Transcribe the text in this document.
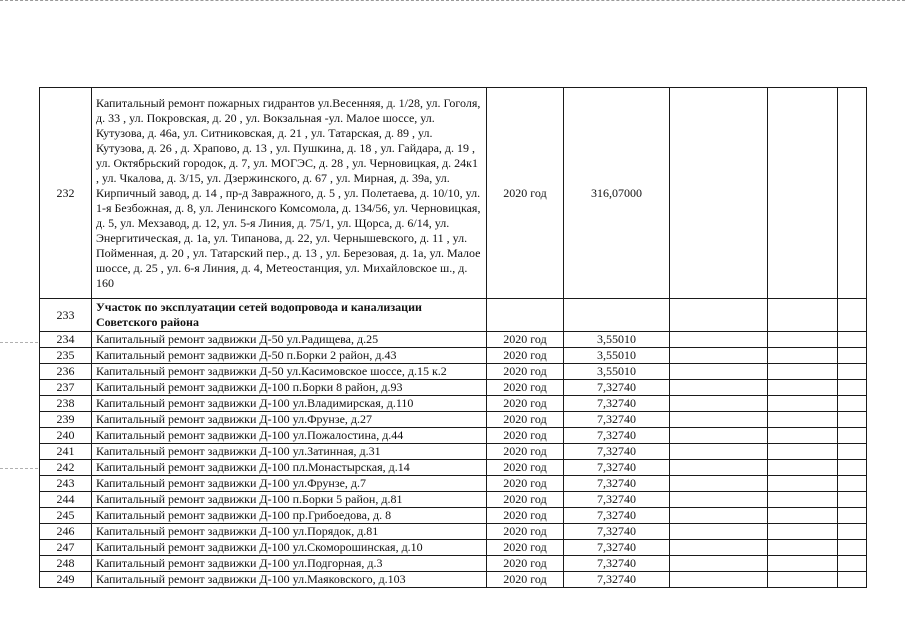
232	Капитальный ремонт пожарных гидрантов ул.Весенняя, д. 1/28, ул. Гоголя, д. 33 , ул. Покровская, д. 20 , ул. Вокзальная -ул. Малое шоссе, ул. Кутузова, д. 46а, ул. Ситниковская, д. 21 , ул. Татарская, д. 89 , ул. Кутузова, д. 26 , д. Храпово, д. 13 , ул. Пушкина, д. 18 , ул. Гайдара, д. 19 , ул. Октябрьский городок, д. 7, ул. МОГЭС, д. 28 , ул. Черновицкая, д. 24к1 , ул. Чкалова, д. 3/15, ул. Дзержинского, д. 67 , ул. Мирная, д. 39а, ул. Кирпичный завод, д. 14 , пр-д Завражного, д. 5 , ул. Полетаева, д. 10/10, ул. 1-я Безбожная, д. 8, ул. Ленинского Комсомола, д. 134/56, ул. Черновицкая, д. 5, ул. Мехзавод, д. 12, ул. 5-я Линия, д. 75/1, ул. Щорса, д. 6/14, ул. Энергитическая, д. 1а, ул. Типанова, д. 22, ул. Чернышевского, д. 11 , ул. Пойменная, д. 20 , ул. Татарский пер., д. 13 , ул. Березовая, д. 1а, ул. Малое шоссе, д. 25 , ул. 6-я Линия, д. 4, Метеостанция, ул. Михайловское ш., д. 160	2020 год	316,07000			
233	Участок по эксплуатации сетей водопровода и канализации Советского района					
234	Капитальный ремонт задвижки Д-50 ул.Радищева, д.25	2020 год	3,55010			
235	Капитальный ремонт задвижки Д-50 п.Борки 2 район, д.43	2020 год	3,55010			
236	Капитальный ремонт задвижки Д-50 ул.Касимовское шоссе, д.15 к.2	2020 год	3,55010			
237	Капитальный ремонт задвижки Д-100 п.Борки 8 район, д.93	2020 год	7,32740			
238	Капитальный ремонт задвижки Д-100 ул.Владимирская, д.110	2020 год	7,32740			
239	Капитальный ремонт задвижки Д-100 ул.Фрунзе, д.27	2020 год	7,32740			
240	Капитальный ремонт задвижки Д-100 ул.Пожалостина, д.44	2020 год	7,32740			
241	Капитальный ремонт задвижки Д-100 ул.Затинная, д.31	2020 год	7,32740			
242	Капитальный ремонт задвижки Д-100 пл.Монастырская, д.14	2020 год	7,32740			
243	Капитальный ремонт задвижки Д-100 ул.Фрунзе, д.7	2020 год	7,32740			
244	Капитальный ремонт задвижки Д-100 п.Борки 5 район, д.81	2020 год	7,32740			
245	Капитальный ремонт задвижки Д-100 пр.Грибоедова, д. 8	2020 год	7,32740			
246	Капитальный ремонт задвижки Д-100 ул.Порядок, д.81	2020 год	7,32740			
247	Капитальный ремонт задвижки Д-100 ул.Скоморошинская, д.10	2020 год	7,32740			
248	Капитальный ремонт задвижки Д-100 ул.Подгорная, д.3	2020 год	7,32740			
249	Капитальный ремонт задвижки Д-100 ул.Маяковского, д.103	2020 год	7,32740			
